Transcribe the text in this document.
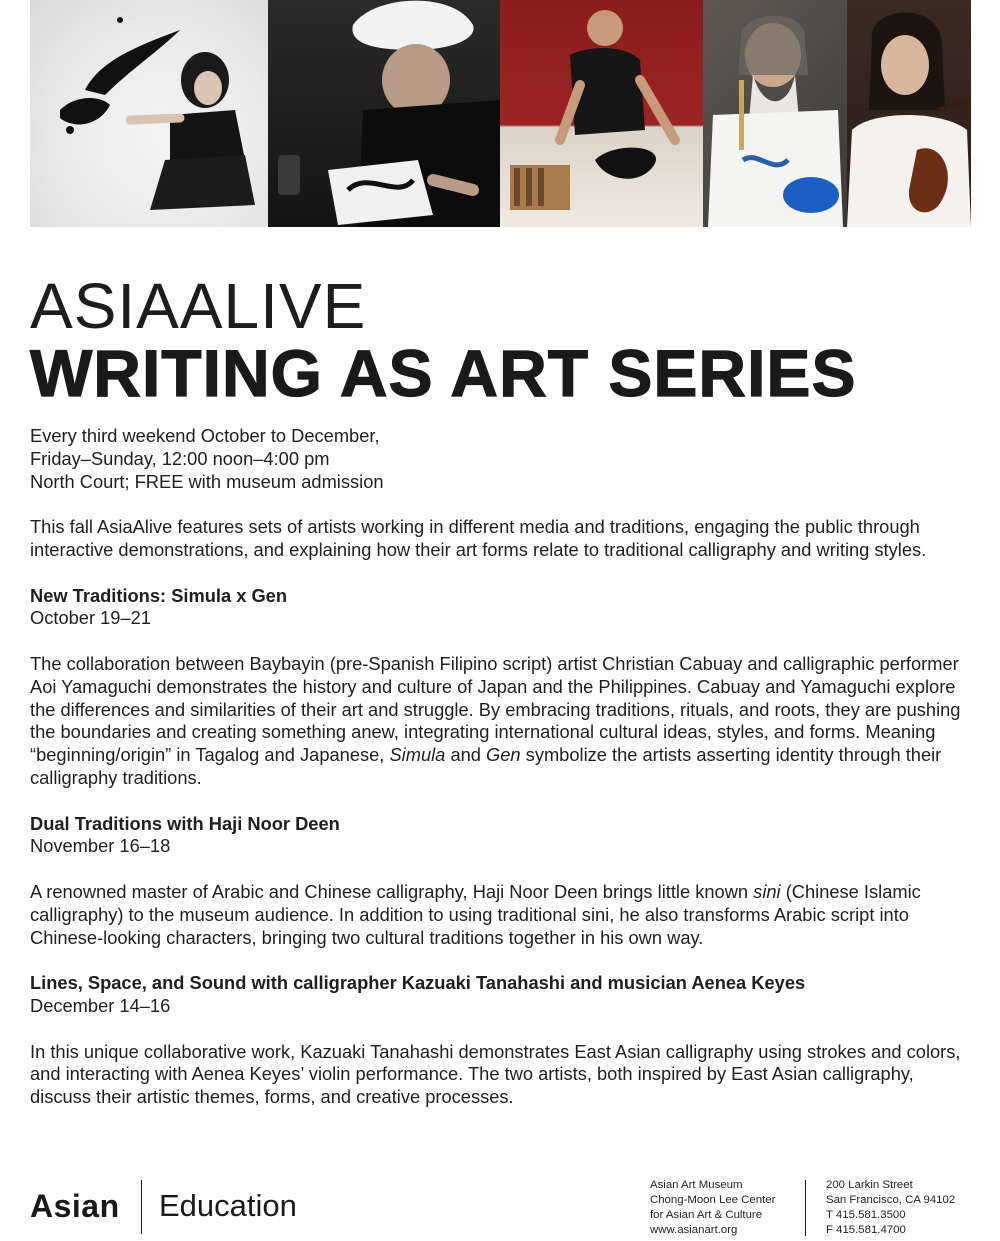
ASIAALIVE
WRITING AS ART SERIES

Every third weekend October to December,

Friday–Sunday, 12:00 noon–4:00 pm

North Court; FREE with museum admission

This fall AsiaAlive features sets of artists working in different media and traditions, engaging the public through interactive demonstrations, and explaining how their art forms relate to traditional calligraphy and writing styles.

New Traditions: Simula x Gen

October 19–21

The collaboration between Baybayin (pre-Spanish Filipino script) artist Christian Cabuay and calligraphic performer Aoi Yamaguchi demonstrates the history and culture of Japan and the Philippines. Cabuay and Yamaguchi explore the differences and similarities of their art and struggle. By embracing traditions, rituals, and roots, they are pushing the boundaries and creating something anew, integrating international cultural ideas, styles, and forms. Meaning “beginning/origin” in Tagalog and Japanese, Simula and Gen symbolize the artists asserting identity through their calligraphy traditions.

Dual Traditions with Haji Noor Deen

November 16–18

A renowned master of Arabic and Chinese calligraphy, Haji Noor Deen brings little known sini (Chinese Islamic calligraphy) to the museum audience. In addition to using traditional sini, he also transforms Arabic script into Chinese-looking characters, bringing two cultural traditions together in his own way.

Lines, Space, and Sound with calligrapher Kazuaki Tanahashi and musician Aenea Keyes

December 14–16

In this unique collaborative work, Kazuaki Tanahashi demonstrates East Asian calligraphy using strokes and colors, and interacting with Aenea Keyes’ violin performance. The two artists, both inspired by East Asian calligraphy, discuss their artistic themes, forms, and creative processes.

Asian Education
Asian Art Museum
Chong-Moon Lee Center
for Asian Art & Culture
www.asianart.org
200 Larkin Street
San Francisco, CA 94102
T 415.581.3500
F 415.581.4700
